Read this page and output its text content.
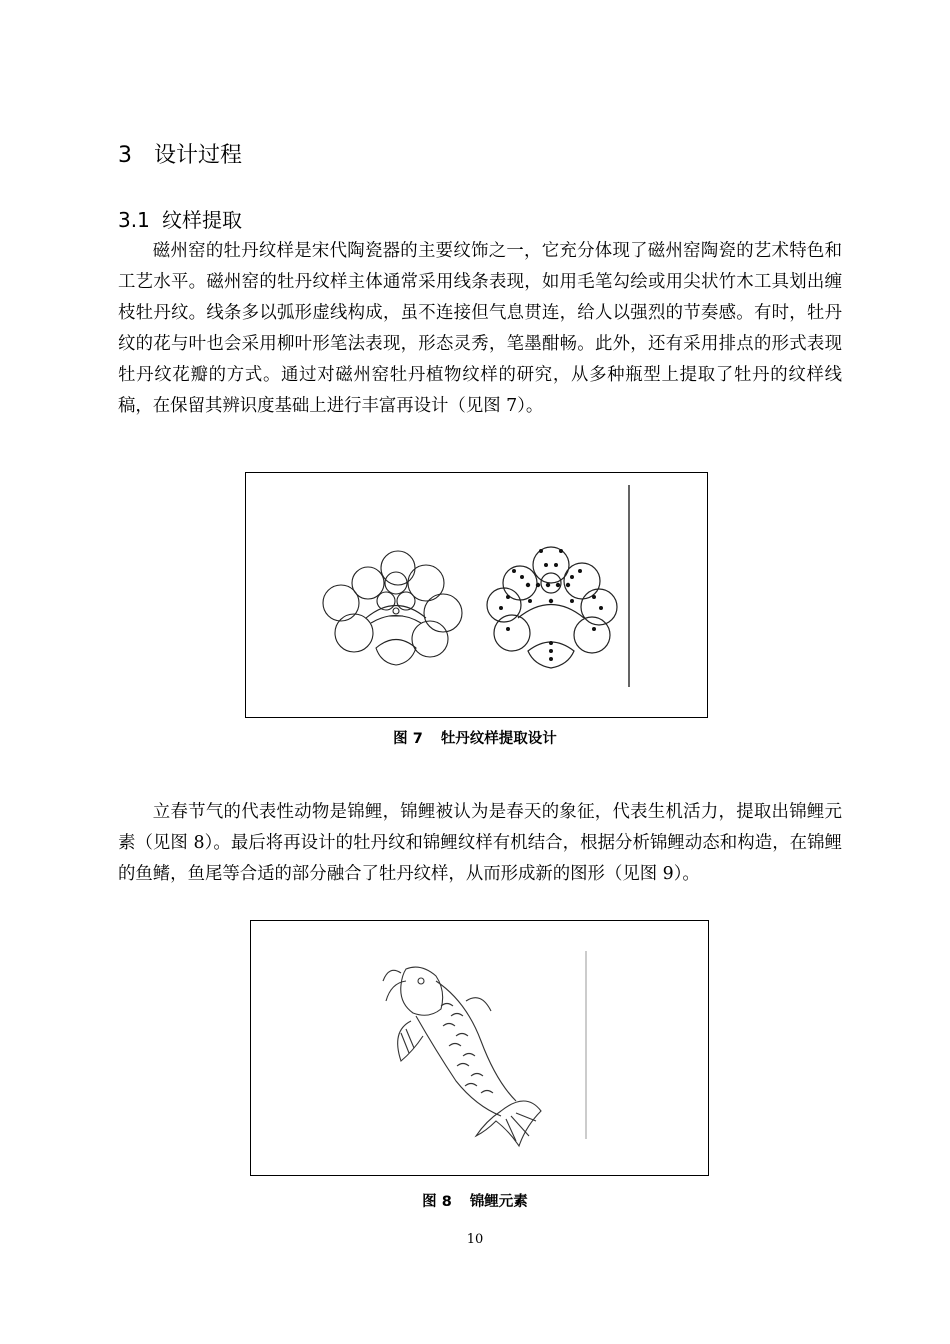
3 设计过程
3.1 纹样提取

磁州窑的牡丹纹样是宋代陶瓷器的主要纹饰之一，它充分体现了磁州窑陶瓷的艺术特色和工艺水平。磁州窑的牡丹纹样主体通常采用线条表现，如用毛笔勾绘或用尖状竹木工具划出缠枝牡丹纹。线条多以弧形虚线构成，虽不连接但气息贯连，给人以强烈的节奏感。有时，牡丹纹的花与叶也会采用柳叶形笔法表现，形态灵秀，笔墨酣畅。此外，还有采用排点的形式表现牡丹纹花瓣的方式。通过对磁州窑牡丹植物纹样的研究，从多种瓶型上提取了牡丹的纹样线稿，在保留其辨识度基础上进行丰富再设计（见图 7）。

图 7 牡丹纹样提取设计

立春节气的代表性动物是锦鲤，锦鲤被认为是春天的象征，代表生机活力，提取出锦鲤元素（见图 8）。最后将再设计的牡丹纹和锦鲤纹样有机结合，根据分析锦鲤动态和构造，在锦鲤的鱼鳍，鱼尾等合适的部分融合了牡丹纹样，从而形成新的图形（见图 9）。

图 8 锦鲤元素
10
